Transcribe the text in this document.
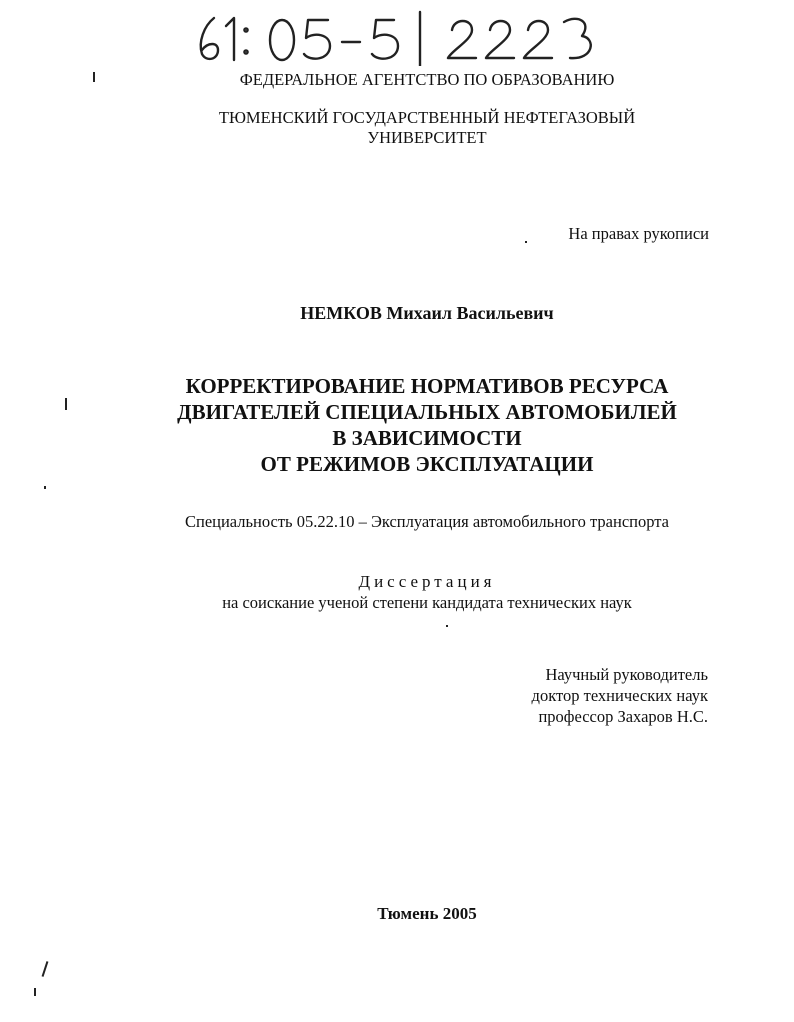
ФЕДЕРАЛЬНОЕ АГЕНТСТВО ПО ОБРАЗОВАНИЮ
ТЮМЕНСКИЙ ГОСУДАРСТВЕННЫЙ НЕФТЕГАЗОВЫЙ
УНИВЕРСИТЕТ
На правах рукописи
НЕМКОВ Михаил Васильевич
КОРРЕКТИРОВАНИЕ НОРМАТИВОВ РЕСУРСА
ДВИГАТЕЛЕЙ СПЕЦИАЛЬНЫХ АВТОМОБИЛЕЙ
В ЗАВИСИМОСТИ
ОТ РЕЖИМОВ ЭКСПЛУАТАЦИИ
Специальность 05.22.10 – Эксплуатация автомобильного транспорта
Диссертация
на соискание ученой степени кандидата технических наук
Научный руководитель
доктор технических наук
профессор Захаров Н.С.
Тюмень 2005
